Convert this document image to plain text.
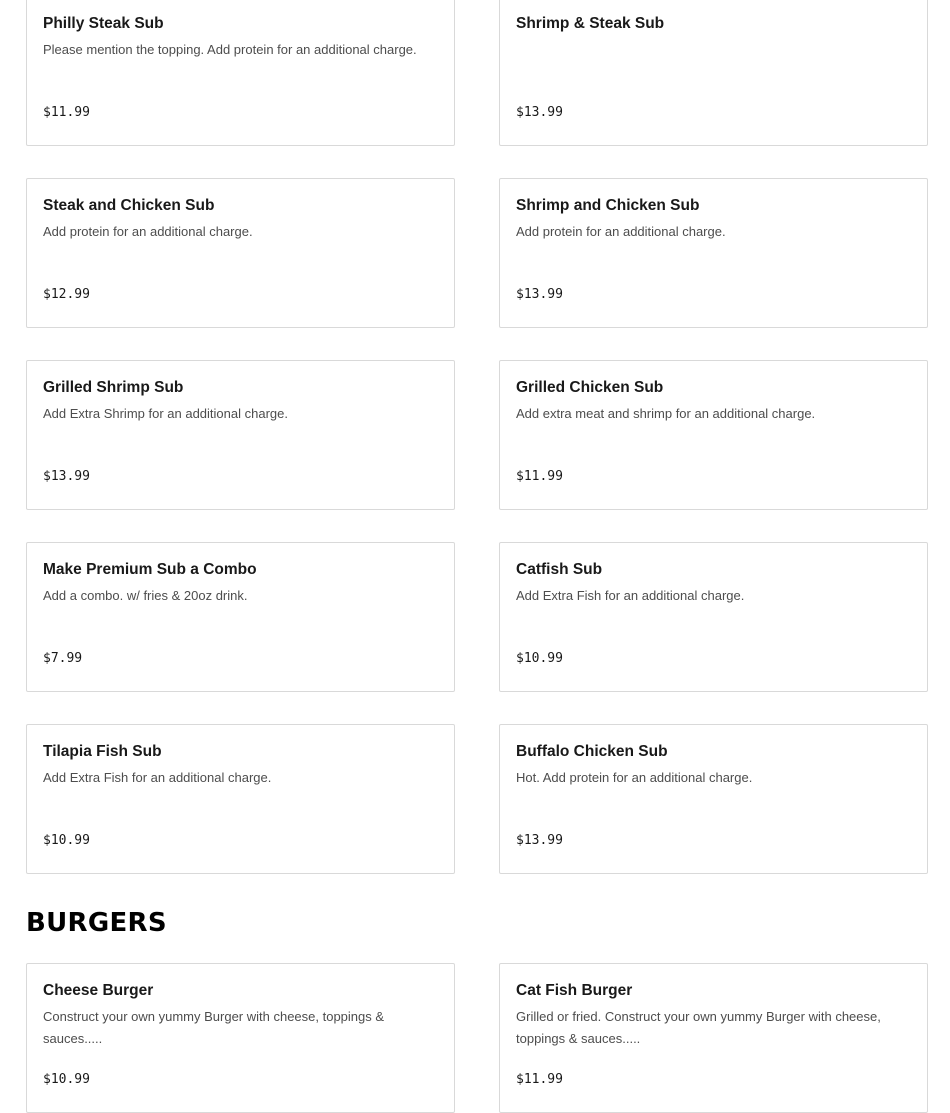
Philly Steak Sub
Please mention the topping. Add protein for an additional charge.
$11.99
Shrimp & Steak Sub
$13.99
Steak and Chicken Sub
Add protein for an additional charge.
$12.99
Shrimp and Chicken Sub
Add protein for an additional charge.
$13.99
Grilled Shrimp Sub
Add Extra Shrimp for an additional charge.
$13.99
Grilled Chicken Sub
Add extra meat and shrimp for an additional charge.
$11.99
Make Premium Sub a Combo
Add a combo. w/ fries & 20oz drink.
$7.99
Catfish Sub
Add Extra Fish for an additional charge.
$10.99
Tilapia Fish Sub
Add Extra Fish for an additional charge.
$10.99
Buffalo Chicken Sub
Hot. Add protein for an additional charge.
$13.99
BURGERS
Cheese Burger
Construct your own yummy Burger with cheese, toppings & sauces.....
$10.99
Cat Fish Burger
Grilled or fried. Construct your own yummy Burger with cheese, toppings & sauces.....
$11.99
